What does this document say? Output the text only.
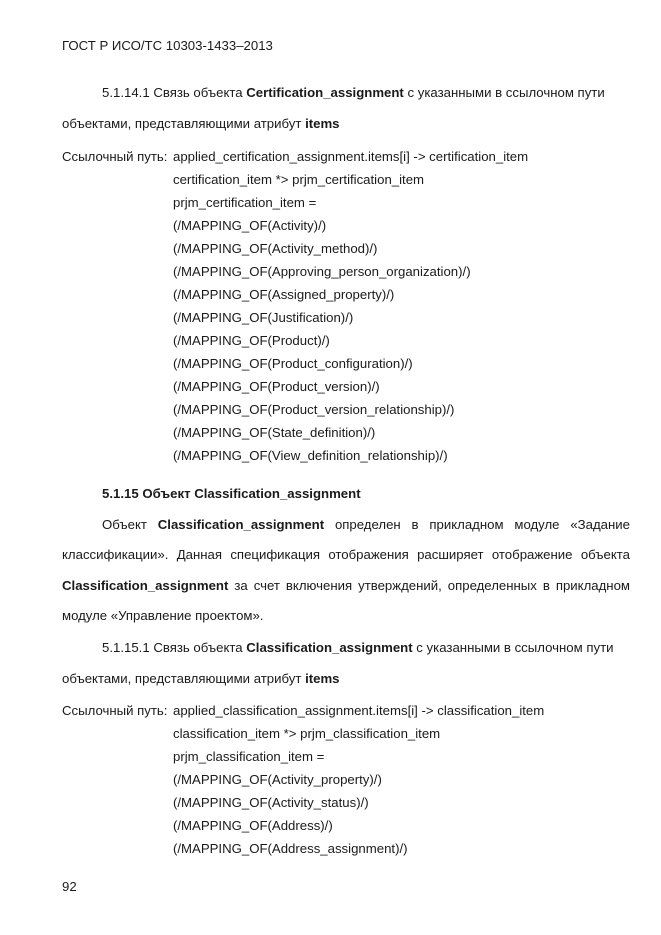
ГОСТ Р ИСО/ТС 10303-1433–2013
5.1.14.1 Связь объекта Certification_assignment с указанными в ссылочном пути
объектами, представляющими атрибут items
Ссылочный путь: applied_certification_assignment.items[i] -> certification_item
certification_item *> prjm_certification_item
prjm_certification_item =
(/MAPPING_OF(Activity)/)
(/MAPPING_OF(Activity_method)/)
(/MAPPING_OF(Approving_person_organization)/)
(/MAPPING_OF(Assigned_property)/)
(/MAPPING_OF(Justification)/)
(/MAPPING_OF(Product)/)
(/MAPPING_OF(Product_configuration)/)
(/MAPPING_OF(Product_version)/)
(/MAPPING_OF(Product_version_relationship)/)
(/MAPPING_OF(State_definition)/)
(/MAPPING_OF(View_definition_relationship)/)
5.1.15 Объект Classification_assignment
Объект Classification_assignment определен в прикладном модуле «Задание
классификации». Данная спецификация отображения расширяет отображение объекта
Classification_assignment за счет включения утверждений, определенных в прикладном
модуле «Управление проектом».
5.1.15.1 Связь объекта Classification_assignment с указанными в ссылочном пути
объектами, представляющими атрибут items
Ссылочный путь: applied_classification_assignment.items[i] -> classification_item
classification_item *> prjm_classification_item
prjm_classification_item =
(/MAPPING_OF(Activity_property)/)
(/MAPPING_OF(Activity_status)/)
(/MAPPING_OF(Address)/)
(/MAPPING_OF(Address_assignment)/)
92
